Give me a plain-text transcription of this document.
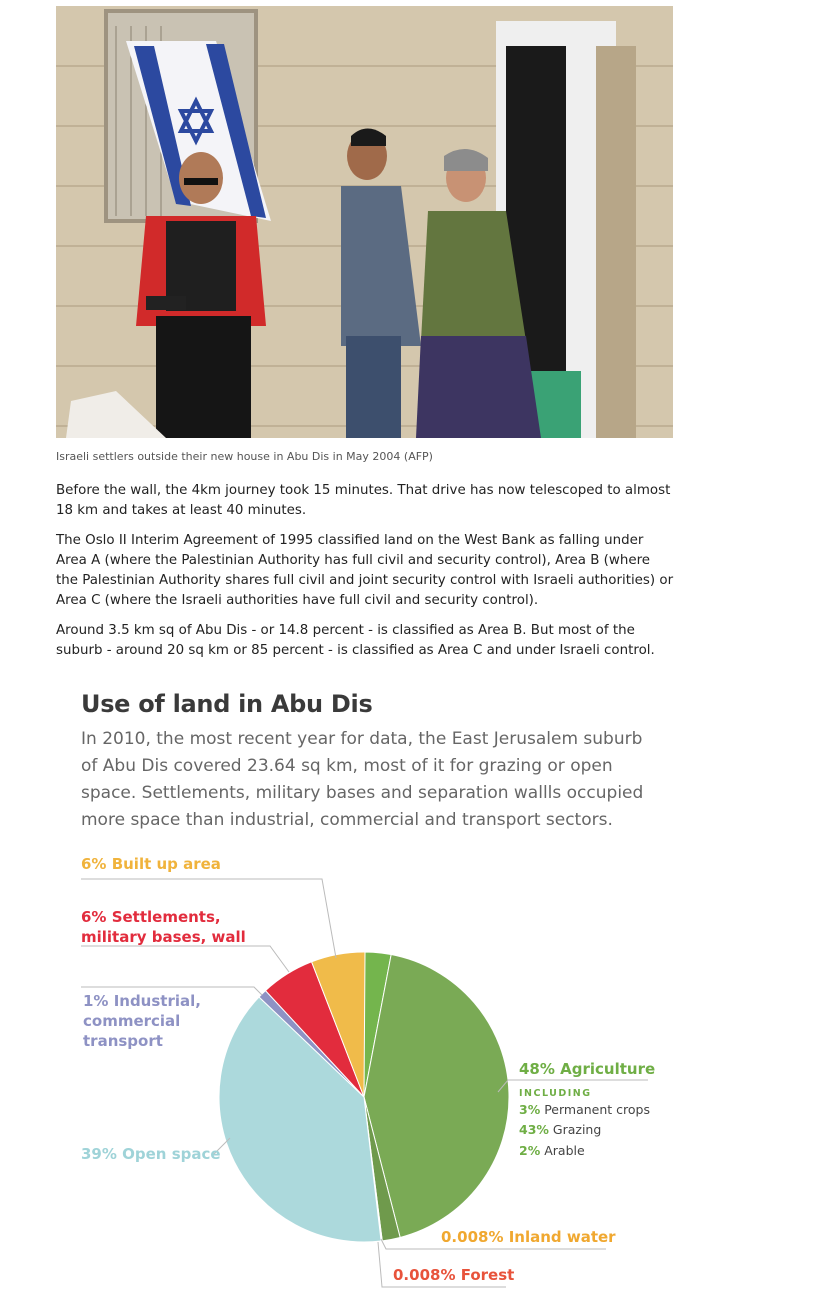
Israeli settlers outside their new house in Abu Dis in May 2004 (AFP)

Before the wall, the 4km journey took 15 minutes. That drive has now telescoped to almost 18 km and takes at least 40 minutes.

The Oslo II Interim Agreement of 1995 classified land on the West Bank as falling under Area A (where the Palestinian Authority has full civil and security control), Area B (where the Palestinian Authority shares full civil and joint security control with Israeli authorities) or Area C (where the Israeli authorities have full civil and security control).

Around 3.5 km sq of Abu Dis - or 14.8 percent - is classified as Area B. But most of the suburb - around 20 sq km or 85 percent - is classified as Area C and under Israeli control.

Use of land in Abu Dis
In 2010, the most recent year for data, the East Jerusalem suburb of Abu Dis covered 23.64 sq km, most of it for grazing or open space. Settlements, military bases and separation wallls occupied more space than industrial, commercial and transport sectors.
6% Built up area
6% Settlements,
military bases, wall
1% Industrial,
commercial
transport
39% Open space
48% Agriculture
INCLUDING
3% Permanent crops
43% Grazing
2% Arable
0.008% Inland water
0.008% Forest
